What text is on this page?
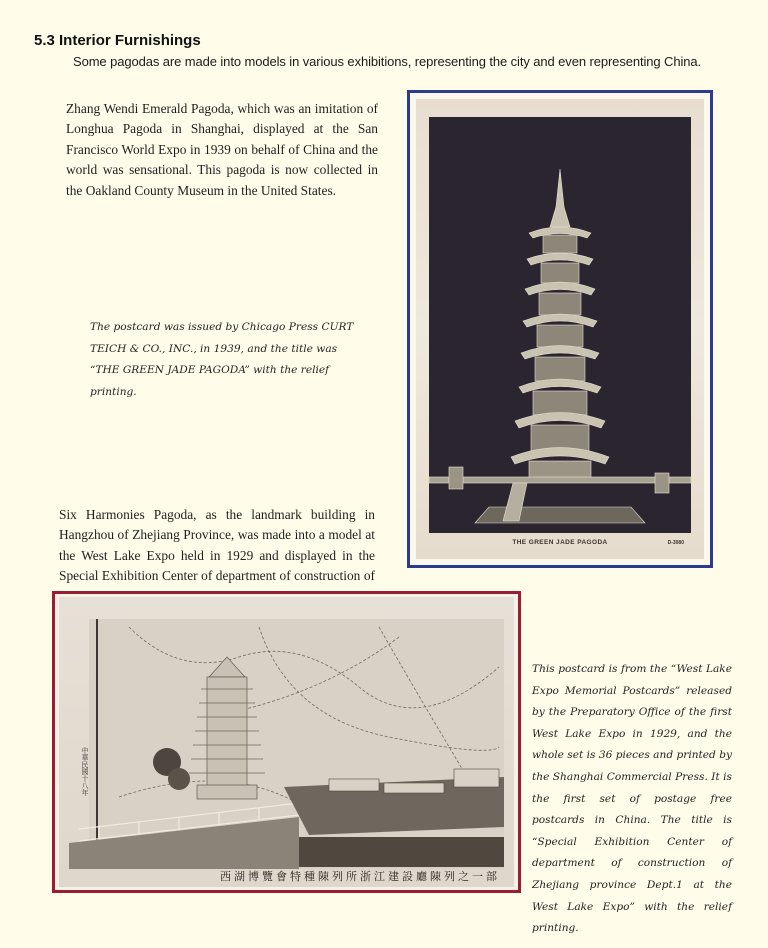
5.3 Interior Furnishings

Some pagodas are made into models in various exhibitions, representing the city and even representing China.

Zhang Wendi Emerald Pagoda, which was an imitation of Longhua Pagoda in Shanghai, displayed at the San Francisco World Expo in 1939 on behalf of China and the world was sensational. This pagoda is now collected in the Oakland County Museum in the United States.

The postcard was issued by Chicago Press CURT TEICH & CO., INC., in 1939, and the title was “THE GREEN JADE PAGODA” with the relief printing.

THE GREEN JADE PAGODA	D-3080

Six Harmonies Pagoda, as the landmark building in Hangzhou of Zhejiang Province, was made into a model at the West Lake Expo held in 1929 and displayed in the Special Exhibition Center of department of construction of

中華民國十八年
西湖博覽會特種陳列所浙江建設廳陳列之一部

This postcard is from the “West Lake Expo Memorial Postcards” released by the Preparatory Office of the first West Lake Expo in 1929, and the whole set is 36 pieces and printed by the Shanghai Commercial Press. It is the first set of postage free postcards in China. The title is “Special Exhibition Center of department of construction of Zhejiang province Dept.1 at the West Lake Expo” with the relief printing.
